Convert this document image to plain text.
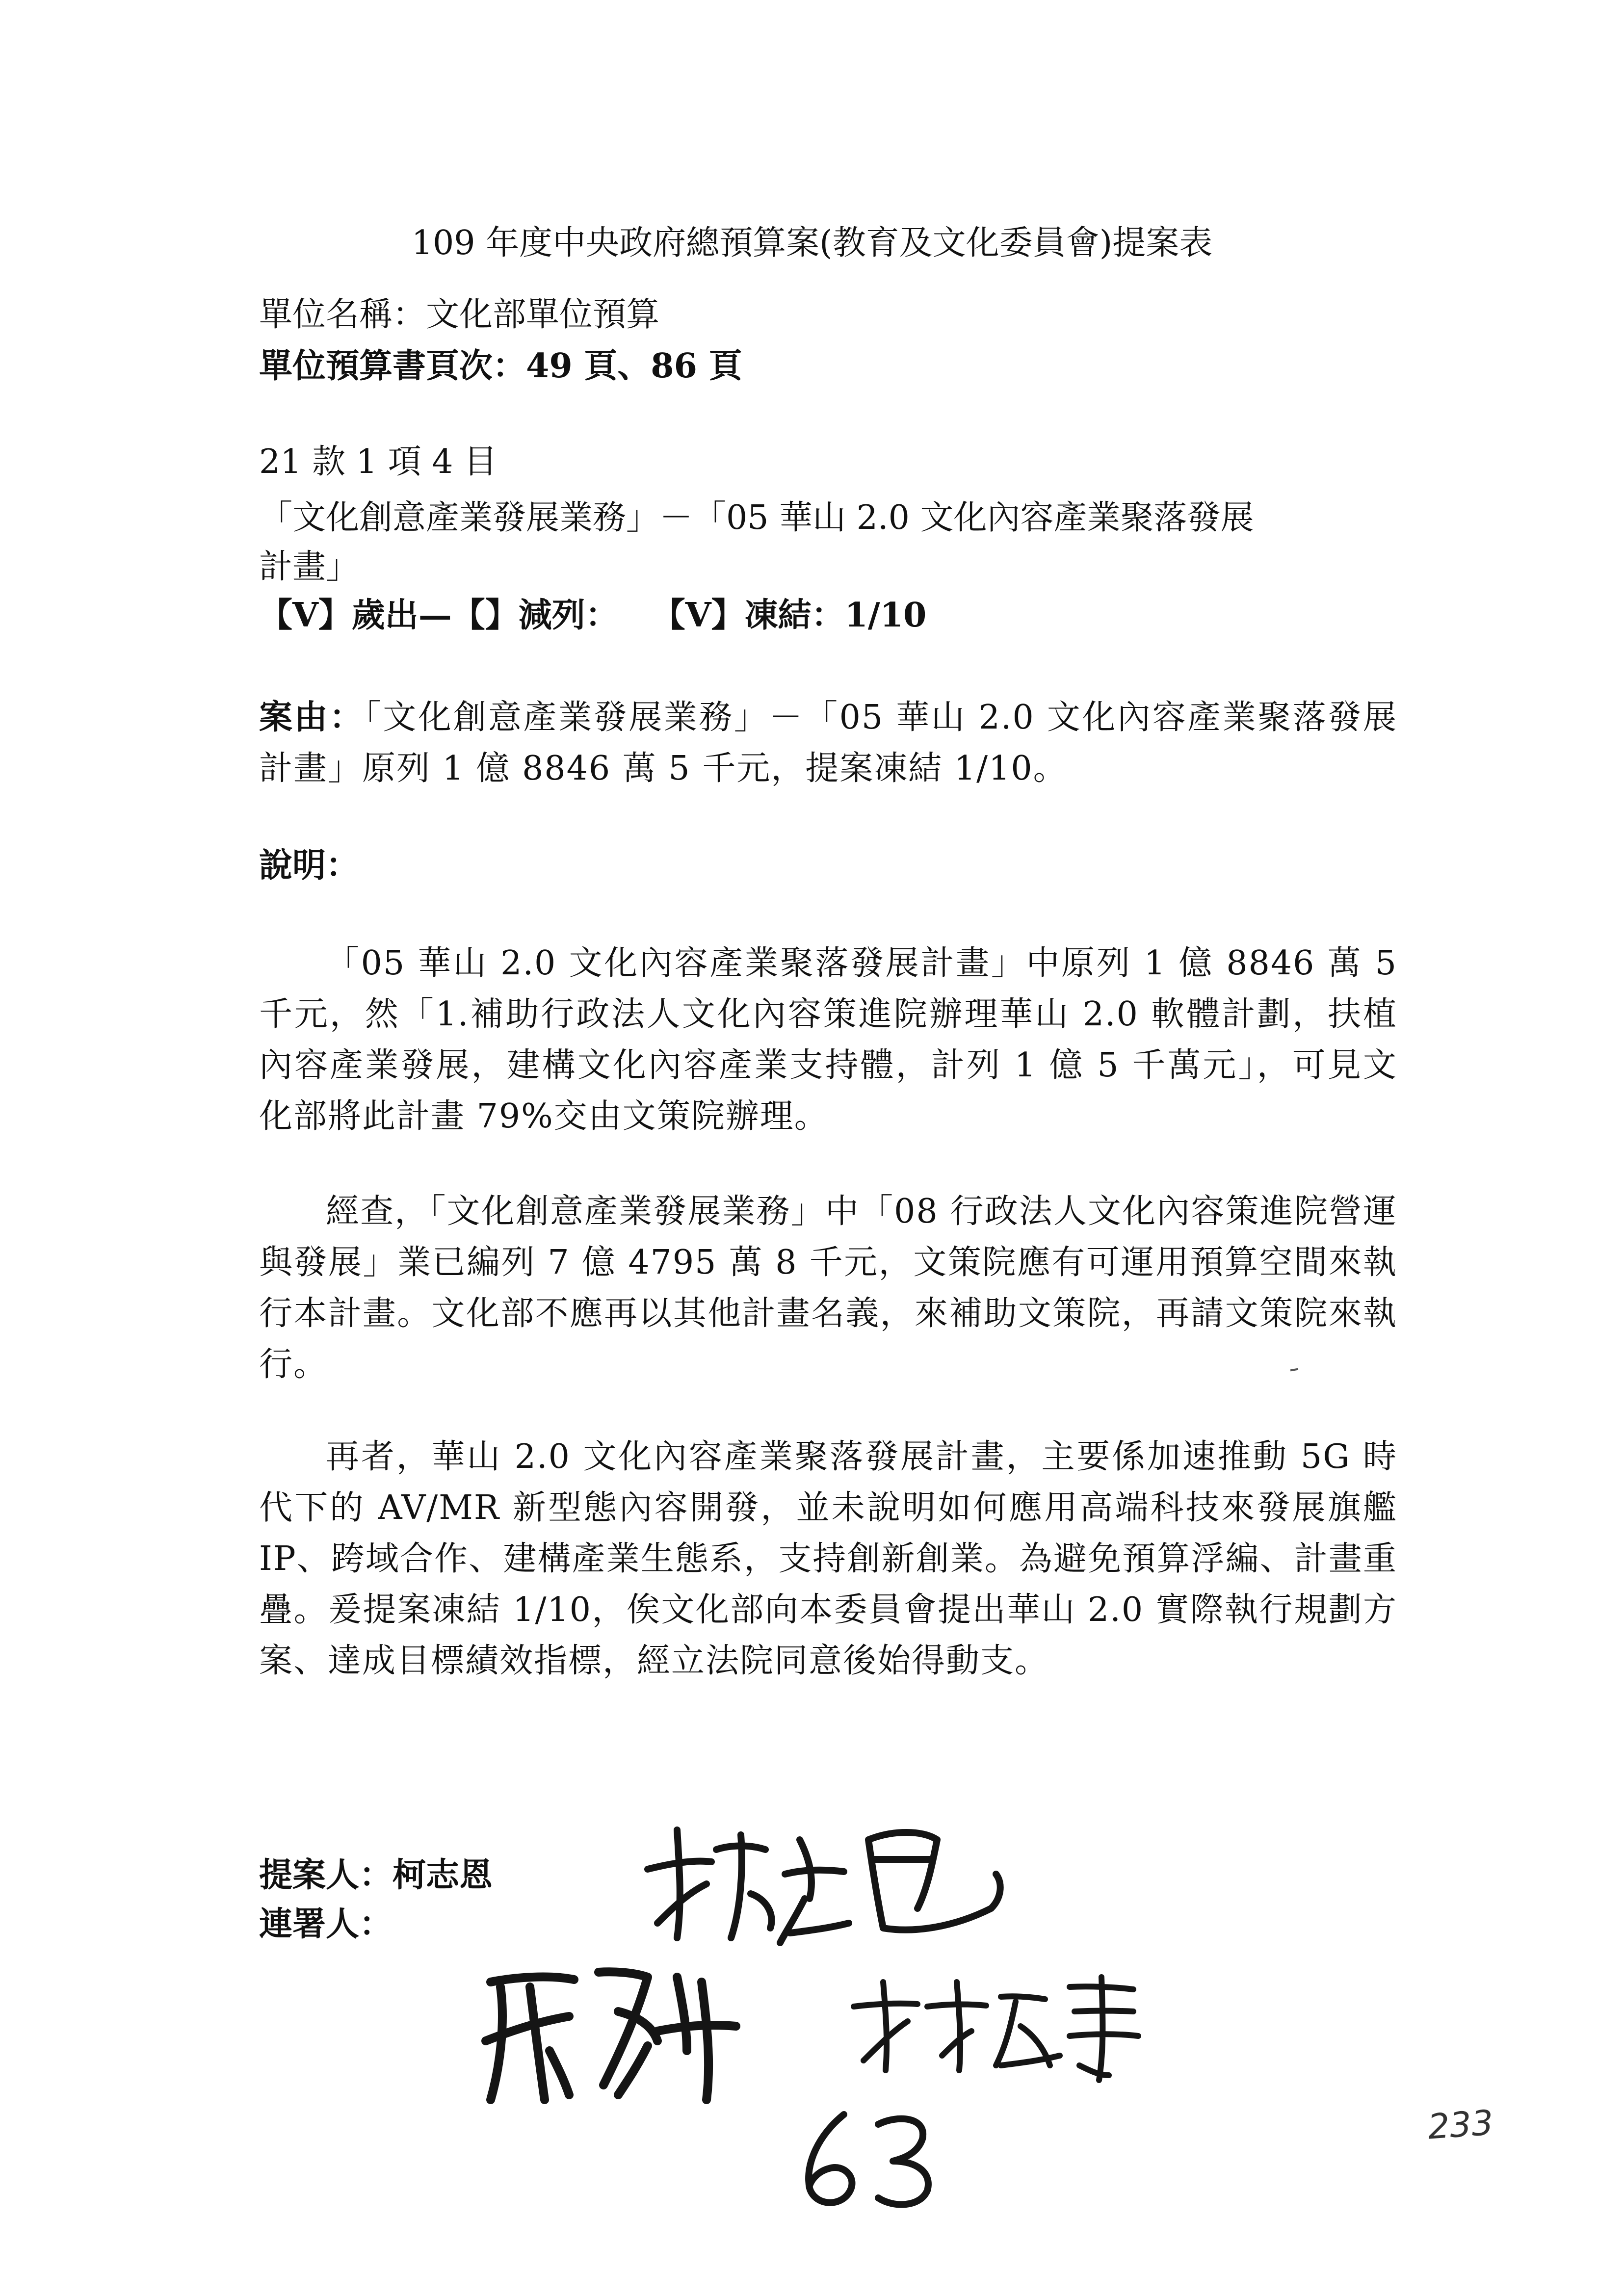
109 年度中央政府總預算案(教育及文化委員會)提案表
單位名稱：文化部單位預算
單位預算書頁次：49 頁、86 頁
21 款 1 項 4 目
「文化創意產業發展業務」－「05 華山 2.0 文化內容產業聚落發展
計畫」
【V】歲出—【】減列：　　【V】凍結：1/10
案由：「文化創意產業發展業務」－「05 華山 2.0 文化內容產業聚落發展計畫」原列 1 億 8846 萬 5 千元，提案凍結 1/10。
說明：
「05 華山 2.0 文化內容產業聚落發展計畫」中原列 1 億 8846 萬 5 千元，然「1.補助行政法人文化內容策進院辦理華山 2.0 軟體計劃，扶植內容產業發展，建構文化內容產業支持體，計列 1 億 5 千萬元」，可見文化部將此計畫 79%交由文策院辦理。
經查，「文化創意產業發展業務」中「08 行政法人文化內容策進院營運與發展」業已編列 7 億 4795 萬 8 千元，文策院應有可運用預算空間來執行本計畫。文化部不應再以其他計畫名義，來補助文策院，再請文策院來執行。
再者，華山 2.0 文化內容產業聚落發展計畫，主要係加速推動 5G 時代下的 AV/MR 新型態內容開發，並未說明如何應用高端科技來發展旗艦 IP、跨域合作、建構產業生態系，支持創新創業。為避免預算浮編、計畫重疊。爰提案凍結 1/10，俟文化部向本委員會提出華山 2.0 實際執行規劃方案、達成目標績效指標，經立法院同意後始得動支。
提案人：柯志恩
連署人：
233
